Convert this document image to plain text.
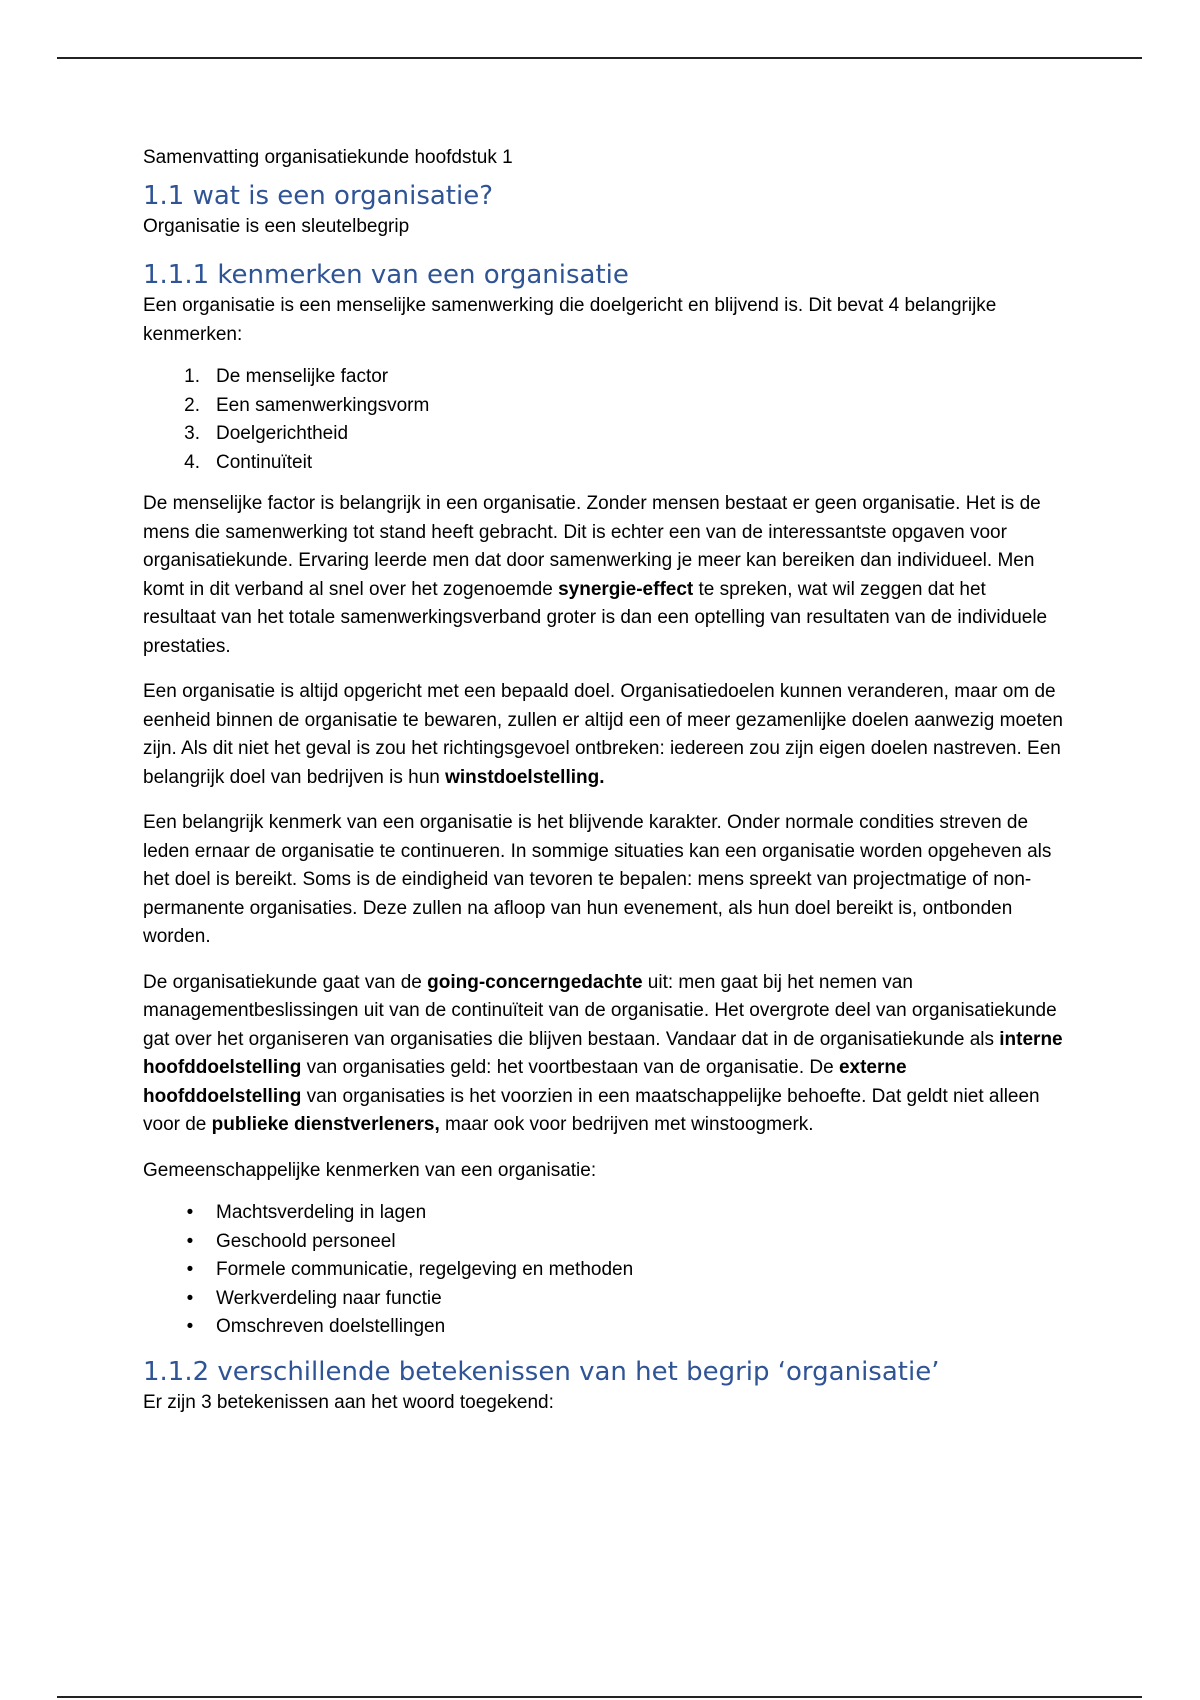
Samenvatting organisatiekunde hoofdstuk 1
1.1 wat is een organisatie?

Organisatie is een sleutelbegrip

1.1.1 kenmerken van een organisatie

Een organisatie is een menselijke samenwerking die doelgericht en blijvend is. Dit bevat 4 belangrijke kenmerken:

1. De menselijke factor
2. Een samenwerkingsvorm
3. Doelgerichtheid
4. Continuïteit

De menselijke factor is belangrijk in een organisatie. Zonder mensen bestaat er geen organisatie. Het is de mens die samenwerking tot stand heeft gebracht. Dit is echter een van de interessantste opgaven voor organisatiekunde. Ervaring leerde men dat door samenwerking je meer kan bereiken dan individueel. Men komt in dit verband al snel over het zogenoemde synergie-effect te spreken, wat wil zeggen dat het resultaat van het totale samenwerkingsverband groter is dan een optelling van resultaten van de individuele prestaties.

Een organisatie is altijd opgericht met een bepaald doel. Organisatiedoelen kunnen veranderen, maar om de eenheid binnen de organisatie te bewaren, zullen er altijd een of meer gezamenlijke doelen aanwezig moeten zijn. Als dit niet het geval is zou het richtingsgevoel ontbreken: iedereen zou zijn eigen doelen nastreven. Een belangrijk doel van bedrijven is hun winstdoelstelling.

Een belangrijk kenmerk van een organisatie is het blijvende karakter. Onder normale condities streven de leden ernaar de organisatie te continueren. In sommige situaties kan een organisatie worden opgeheven als het doel is bereikt. Soms is de eindigheid van tevoren te bepalen: mens spreekt van projectmatige of non-permanente organisaties. Deze zullen na afloop van hun evenement, als hun doel bereikt is, ontbonden worden.

De organisatiekunde gaat van de going-concerngedachte uit: men gaat bij het nemen van managementbeslissingen uit van de continuïteit van de organisatie. Het overgrote deel van organisatiekunde gat over het organiseren van organisaties die blijven bestaan. Vandaar dat in de organisatiekunde als interne hoofddoelstelling van organisaties geld: het voortbestaan van de organisatie. De externe hoofddoelstelling van organisaties is het voorzien in een maatschappelijke behoefte. Dat geldt niet alleen voor de publieke dienstverleners, maar ook voor bedrijven met winstoogmerk.

Gemeenschappelijke kenmerken van een organisatie:

•	Machtsverdeling in lagen
•	Geschoold personeel
•	Formele communicatie, regelgeving en methoden
•	Werkverdeling naar functie
•	Omschreven doelstellingen
1.1.2 verschillende betekenissen van het begrip ‘organisatie’

Er zijn 3 betekenissen aan het woord toegekend:
